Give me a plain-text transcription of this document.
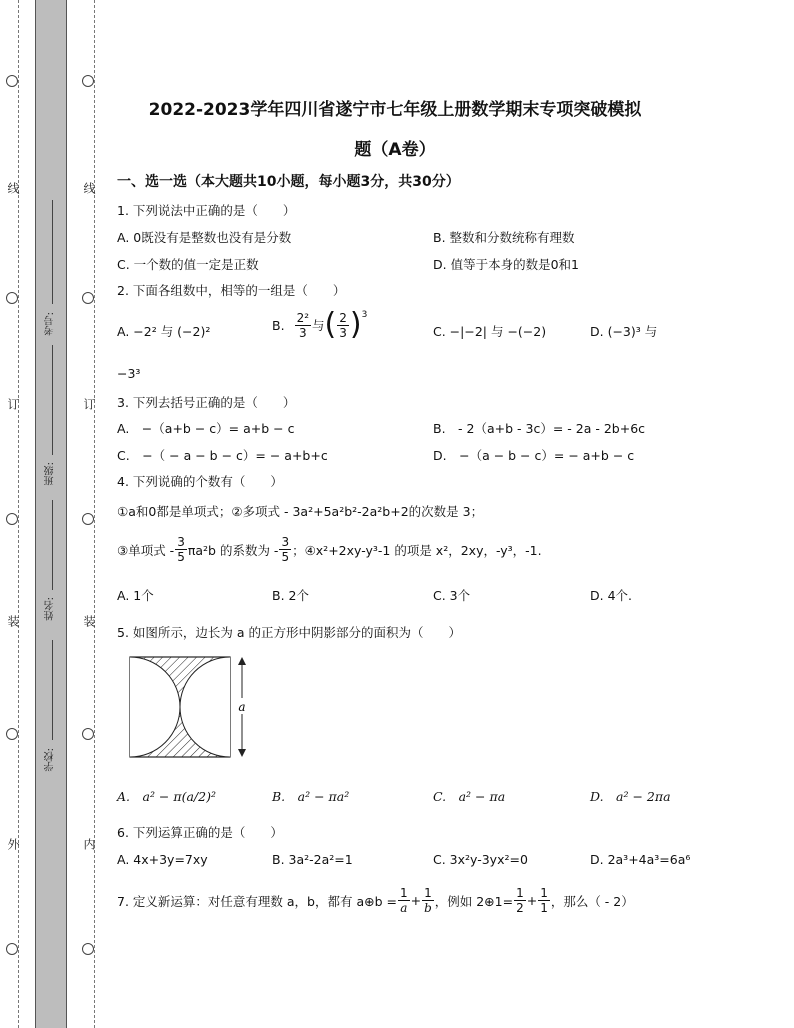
线
订
装
外
线
订
装
内
考号:
班级:
姓名:
学校:
2022-2023学年四川省遂宁市七年级上册数学期末专项突破模拟
题（A卷）
一、选一选（本大题共10小题，每小题3分，共30分）
1. 下列说法中正确的是（　　）
A. 0既没有是整数也没有是分数	B. 整数和分数统称有理数
C. 一个数的值一定是正数	D. 值等于本身的数是0和1
2. 下面各组数中，相等的一组是（　　）
A. −2² 与 (−2)²	B. $\frac{\text{2²}}{3}$ 与 ( $\frac{2}{3}$ ) 3
C. −|−2| 与 −(−2)	D. (−3)³ 与
−3³
3. 下列去括号正确的是（　　）
A.　−（a+b − c）= a+b − c	B.　- 2（a+b - 3c）= - 2a - 2b+6c
C.　−（ − a − b − c）= − a+b+c	D.　−（a − b − c）= − a+b − c
4. 下列说确的个数有（　　）
①a和0都是单项式；②多项式 - 3a²+5a²b²-2a²b+2的次数是 3；
③单项式 - $\frac{3}{5} \pi a^2b$ 的系数为 - $\frac{3}{5}$ ；④x²+2xy-y³-1 的项是 x²，2xy，-y³，-1.
A. 1个	B. 2个	C. 3个	D. 4个.
5. 如图所示，边长为 a 的正方形中阴影部分的面积为（　　）
a
A.　a² − π(a/2)²	B.　a² − πa²	C.　a² − πa	D.　a² − 2πa
6. 下列运算正确的是（　　）
A. 4x+3y=7xy	B. 3a²-2a²=1	C. 3x²y-3yx²=0	D. 2a³+4a³=6a⁶
7. 定义新运算：对任意有理数 a，b，都有 a⊕b = $\frac{1}{a} + \frac{1}{b}$ ，例如 2⊕1= $\frac{1}{2} + \frac{1}{1}$ ，那么（ - 2）
